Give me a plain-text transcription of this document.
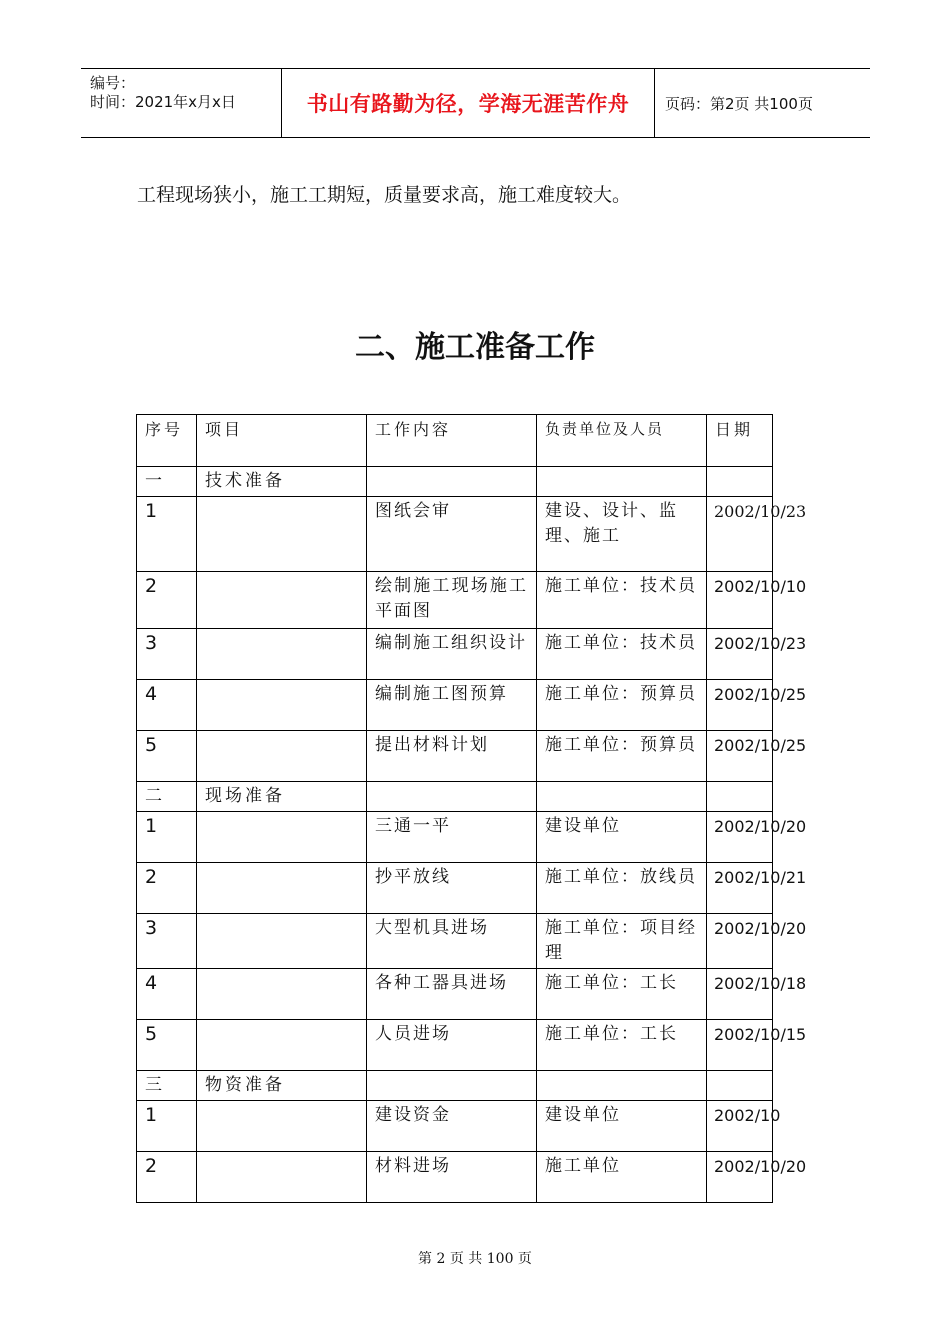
编号：
时间：2021年x月x日	书山有路勤为径，学海无涯苦作舟 页码：第2页 共100页
工程现场狭小，施工工期短，质量要求高，施工难度较大。
二、施工准备工作
序号	项目	工作内容	负责单位及人员	日期
一	技术准备			
1		图纸会审	建设、设计、监理、施工	2002/10/23
2		绘制施工现场施工平面图	施工单位：技术员	2002/10/10
3		编制施工组织设计	施工单位：技术员	2002/10/23
4		编制施工图预算	施工单位：预算员	2002/10/25
5		提出材料计划	施工单位：预算员	2002/10/25
二	现场准备			
1		三通一平	建设单位	2002/10/20
2		抄平放线	施工单位：放线员	2002/10/21
3		大型机具进场	施工单位：项目经理	2002/10/20
4		各种工器具进场	施工单位：工长	2002/10/18
5		人员进场	施工单位：工长	2002/10/15
三	物资准备			
1		建设资金	建设单位	2002/10
2		材料进场	施工单位	2002/10/20
第 2 页 共 100 页
